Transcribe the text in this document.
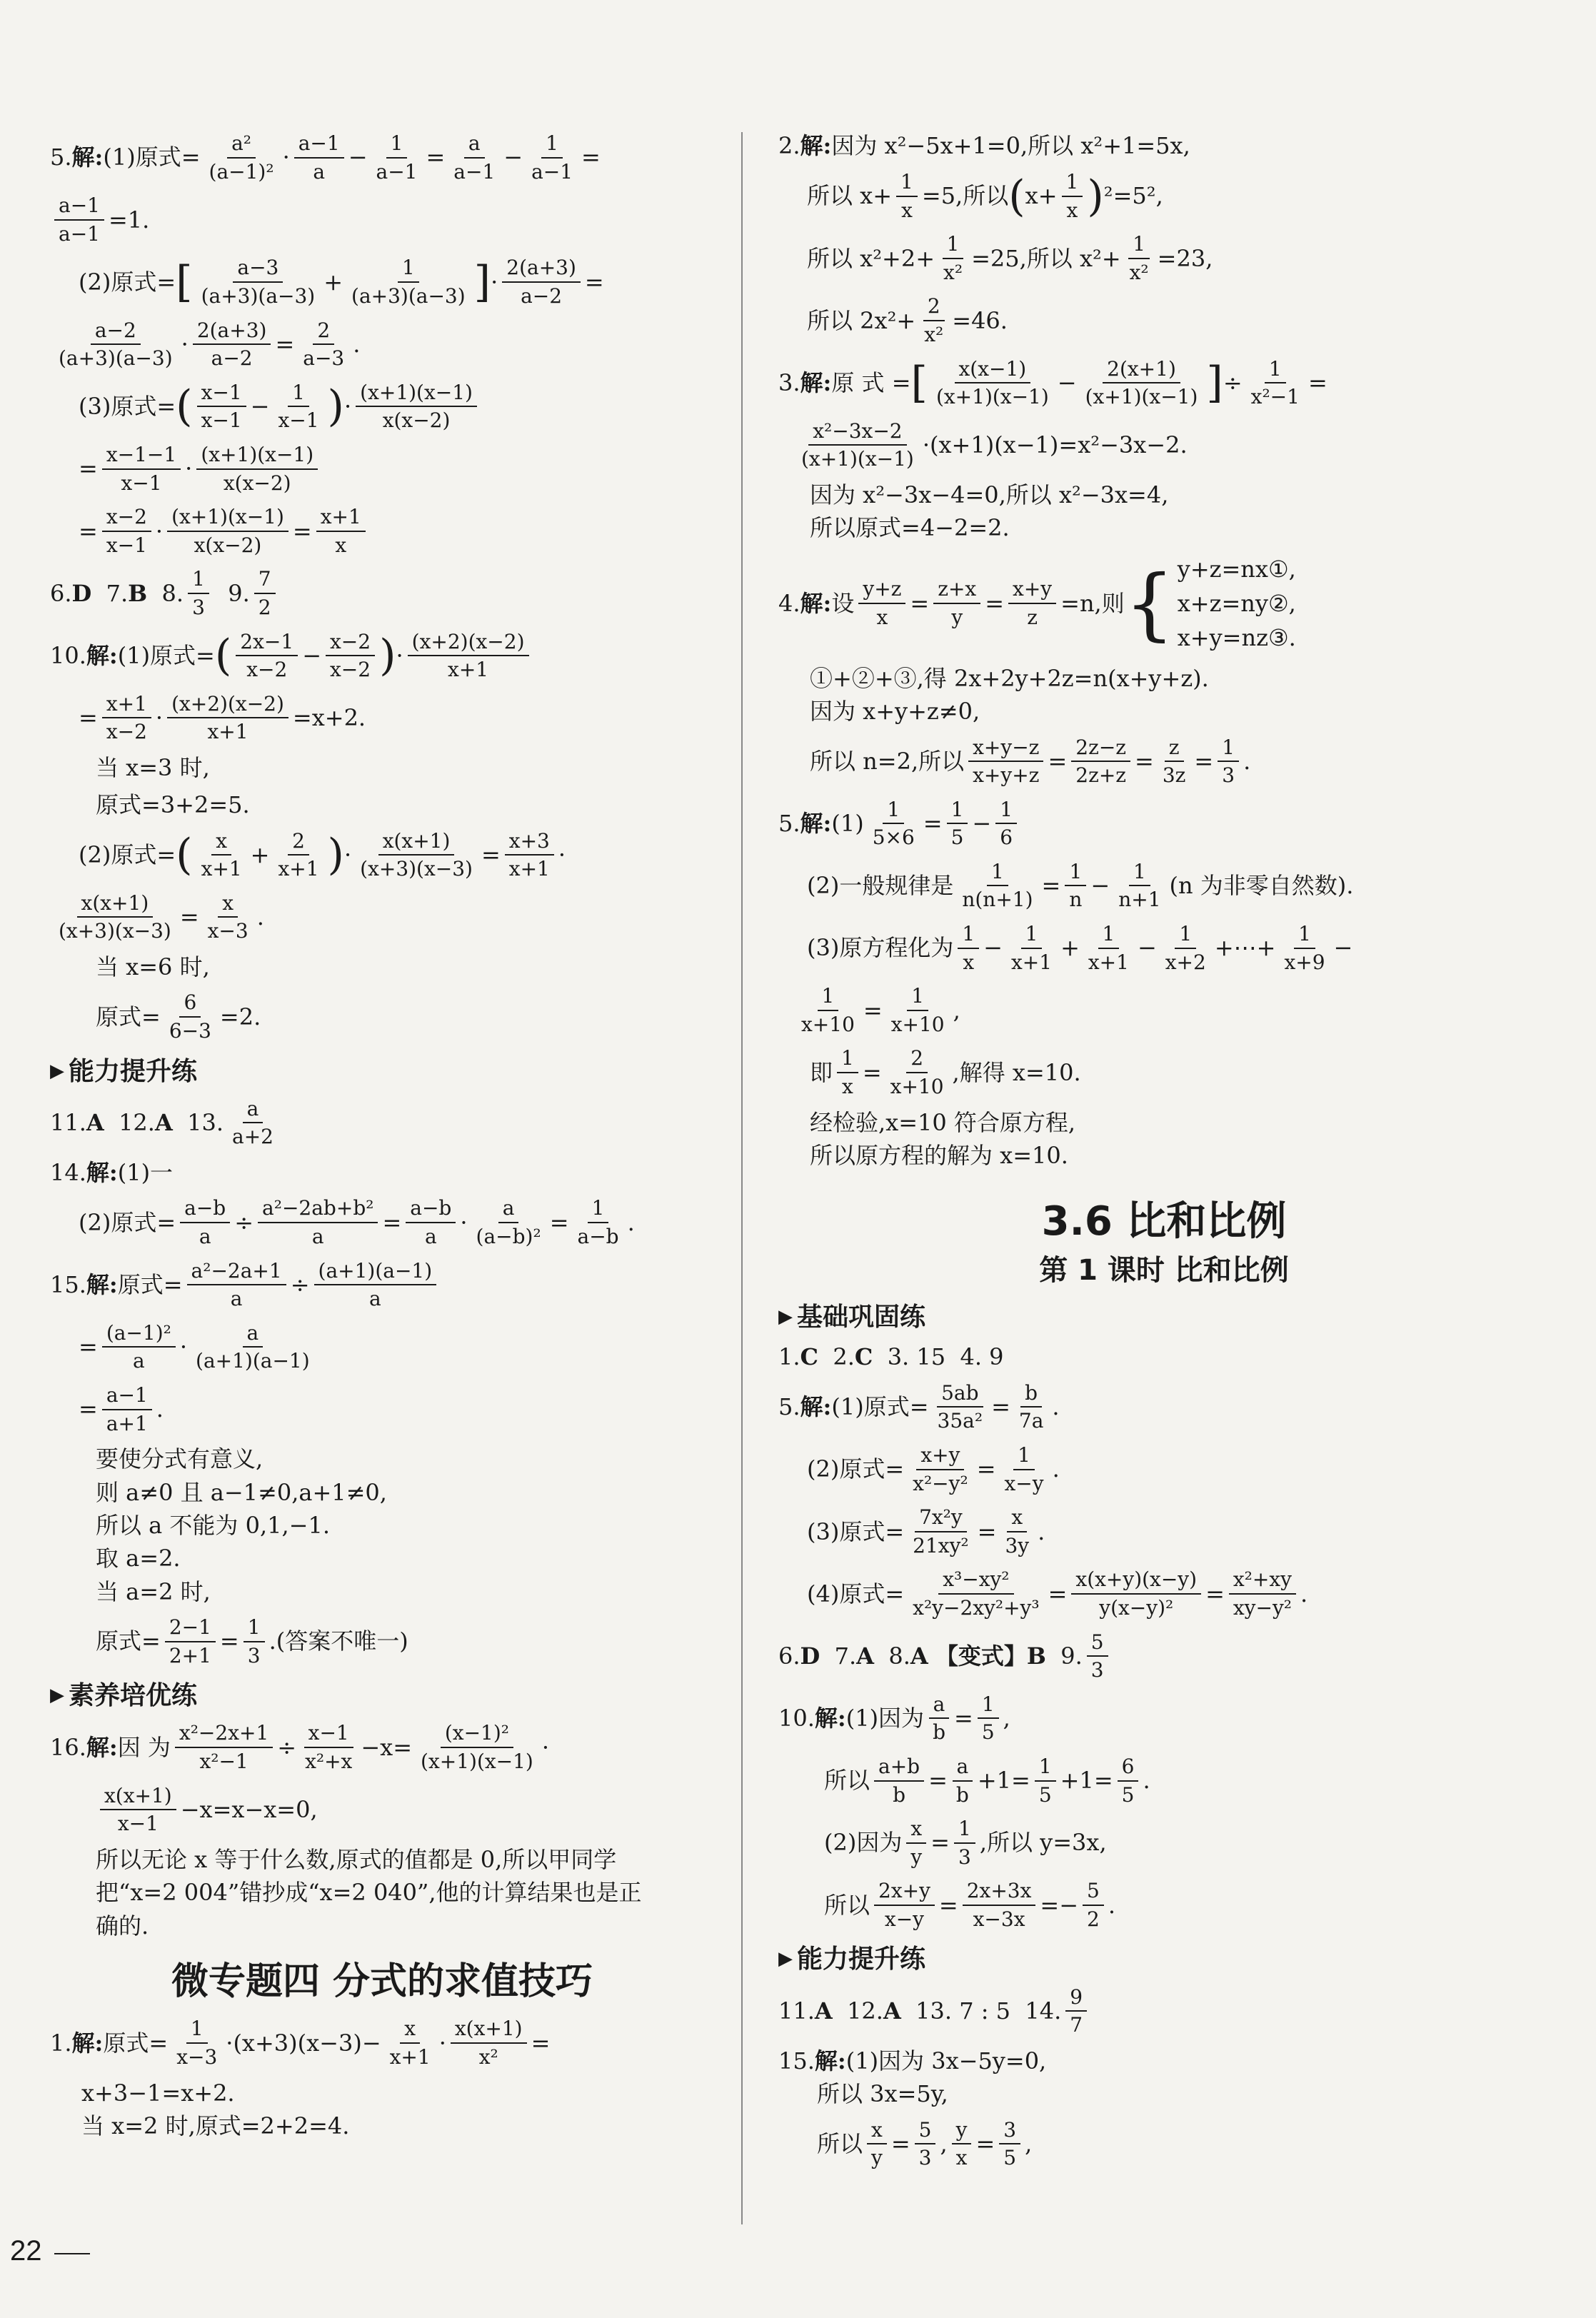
5. 解: (1)原式= $\frac{\text{a²}}{\text{(a−1)²}} \cdot \frac{a-1}{a} - \frac{1}{a-1} = \frac{a}{a-1} - \frac{1}{a-1}$ =
$\frac{a-1}{a-1} =1$.
(2)原式= [ $\frac{a-3}{(a+3)(a-3)} + \frac{1}{(a+3)(a-3)}$ ] · $\frac{2(a+3)}{a-2}$ =
$\frac{a-2}{(a+3)(a-3)} \cdot \frac{2(a+3)}{a-2} = \frac{2}{a-3}$ .
(3)原式= ( $\frac{x-1}{x-1} - \frac{1}{x-1}$ ) · $\frac{(x+1)(x-1)}{x(x-2)}$
= $\frac{x-1-1}{x-1} \cdot \frac{(x+1)(x-1)}{x(x-2)}$
= $\frac{x-2}{x-1} \cdot \frac{(x+1)(x-1)}{x(x-2)} = \frac{x+1}{x}$
6. D
7. B
8. $\frac{1}{3}$
9. $\frac{7}{2}$
10. 解: (1)原式= ( $\frac{2x-1}{x-2} - \frac{x-2}{x-2}$ ) · $\frac{(x+2)(x-2)}{x+1}$
= $\frac{x+1}{x-2} \cdot \frac{(x+2)(x-2)}{x+1} =x+2$.
当 x=3 时,
原式=3+2=5.
(2)原式= ( $\frac{x}{x+1} + \frac{2}{x+1}$ ) · $\frac{x(x+1)}{(x+3)(x-3)} = \frac{x+3}{x+1}$ ·
$\frac{x(x+1)}{(x+3)(x-3)} = \frac{x}{x-3}$ .
当 x=6 时,
原式= $\frac{6}{6-3} =2$.
▶ 能力提升练
11. A
12. A
13. $\frac{a}{a+2}$
14. 解: (1)一
(2)原式= $\frac{a-b}{a} \div \frac{\text{a²−2ab+b²}}{a} = \frac{a-b}{a} \cdot \frac{a}{\text{(a−b)²}} = \frac{1}{a-b}$ .
15. 解: 原式= $\frac{\text{a²−2a+1}}{a} \div \frac{(a+1)(a-1)}{a}$
= $\frac{\text{(a−1)²}}{a} \cdot \frac{a}{(a+1)(a-1)}$
= $\frac{a-1}{a+1}$ .
要使分式有意义,
则 a≠0 且 a−1≠0,a+1≠0,
所以 a 不能为 0,1,−1.
取 a=2.
当 a=2 时,
原式= $\frac{2-1}{2+1} = \frac{1}{3}$ .(答案不唯一)
▶ 素养培优练
16. 解: 因 为 $\frac{\text{x²−2x+1}}{\text{x²−1}} \div \frac{x-1}{\text{x²+x}} - x = \frac{\text{(x−1)²}}{(x+1)(x-1)}$ ·
$\frac{x(x+1)}{x-1} -x=x-x=0$,
所以无论 x 等于什么数,原式的值都是 0,所以甲同学
把“x=2 004”错抄成“x=2 040”,他的计算结果也是正
确的.
微专题四 分式的求值技巧
1. 解: 原式= $\frac{1}{x-3} \cdot(x+3)(x-3)- \frac{x}{x+1} \cdot \frac{x(x+1)}{\text{x²}}$ =
x+3−1=x+2.
当 x=2 时,原式=2+2=4.
2. 解: 因为 x²−5x+1=0,所以 x²+1=5x,
所以 $x+ \frac{1}{x} =5$,所以 ( $x + \frac{1}{x}$ ) ² =5²,
所以 $x^2+2+ \frac{1}{\text{x²}} =25$,所以 $x^2+ \frac{1}{\text{x²}} =23$,
所以 $2x^2+ \frac{2}{\text{x²}} =46$.
3. 解: 原 式 = [ $\frac{x(x-1)}{(x+1)(x-1)} - \frac{2(x+1)}{(x+1)(x-1)}$ ] ÷ $\frac{1}{\text{x²−1}}$ =
$\frac{\text{x²−3x−2}}{(x+1)(x-1)} \cdot(x+1)(x-1)=x^2-3x-2$.
因为 x²−3x−4=0,所以 x²−3x=4,
所以原式=4−2=2.
4. 解: 设 $\frac{y+z}{x} = \frac{z+x}{y} = \frac{x+y}{z} =n$,则 { y+z=nx①,
x+z=ny②,
x+y=nz③.
①+②+③,得 2x+2y+2z=n(x+y+z).
因为 x+y+z≠0,
所以 n=2,所以 $\frac{x+y-z}{x+y+z} = \frac{2z-z}{2z+z} = \frac{z}{3z} = \frac{1}{3}$ .
5. 解: $(1) \frac{1}{5\times 6} = \frac{1}{5} - \frac{1}{6}$
(2)一般规律是 $\frac{1}{n(n+1)} = \frac{1}{n} - \frac{1}{n+1} (n$ 为非零自然数).
(3)原方程化为 $\frac{1}{x} - \frac{1}{x+1} + \frac{1}{x+1} - \frac{1}{x+2}$ +⋯+ $\frac{1}{x+9}$ −
$\frac{1}{x+10} = \frac{1}{x+10}$ ,
即 $\frac{1}{x} = \frac{2}{x+10}$ ,解得 x=10.
经检验,x=10 符合原方程,
所以原方程的解为 x=10.
3.6 比和比例
第 1 课时 比和比例
▶ 基础巩固练
1. C
2. C
3. 15
4. 9
5. 解: (1)原式= $\frac{5ab}{\text{35a²}} = \frac{b}{7a}$ .
(2)原式= $\frac{x+y}{\text{x²−y²}} = \frac{1}{x-y}$ .
(3)原式= $\frac{\text{7x²y}}{\text{21xy²}} = \frac{x}{3y}$ .
(4)原式= $\frac{\text{x³−xy²}}{\text{x²y−2xy²+y³}} = \frac{x(x+y)(x-y)}{\text{y(x−y)²}} = \frac{\text{x²+xy}}{\text{xy−y²}}$ .
6. D
7. A
8. A
【变式】 B
9. $\frac{5}{3}$
10. 解: (1)因为 $\frac{a}{b} = \frac{1}{5}$ ,
所以 $\frac{a+b}{b} = \frac{a}{b} +1= \frac{1}{5} +1= \frac{6}{5}$ .
(2)因为 $\frac{x}{y} = \frac{1}{3}$ ,所以 y=3x,
所以 $\frac{2x+y}{x-y} = \frac{2x+3x}{x-3x}$ = − $\frac{5}{2}$ .
▶ 能力提升练
11. A
12. A
13. 7 : 5
14. $\frac{9}{7}$
15. 解: (1)因为 3x−5y=0,
所以 3x=5y,
所以 $\frac{x}{y} = \frac{5}{3}$ , $\frac{y}{x} = \frac{3}{5}$ ,
22
